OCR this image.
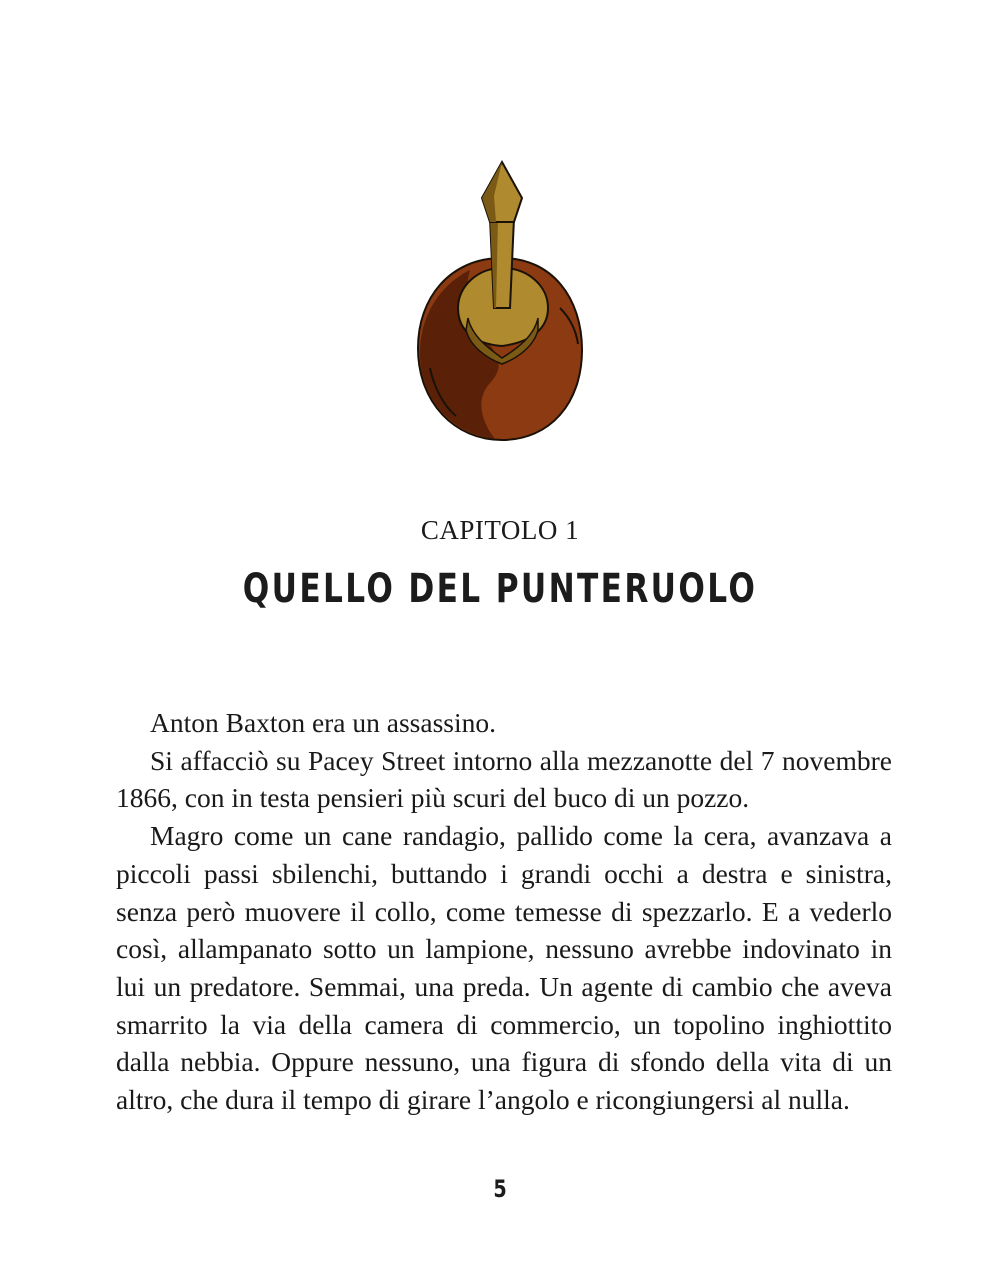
CAPITOLO 1
QUELLO DEL PUNTERUOLO

Anton Baxton era un assassino.

Si affacciò su Pacey Street intorno alla mezzanotte del 7 novembre 1866, con in testa pensieri più scuri del buco di un pozzo.

Magro come un cane randagio, pallido come la cera, avanzava a piccoli passi sbilenchi, buttando i grandi occhi a destra e sinistra, senza però muovere il collo, come temesse di spezzarlo. E a vederlo così, allampanato sotto un lampione, nessuno avrebbe indovinato in lui un predatore. Semmai, una preda. Un agente di cambio che aveva smarrito la via della camera di commercio, un topolino inghiottito dalla nebbia. Oppure nessuno, una figura di sfondo della vita di un altro, che dura il tempo di girare l’angolo e ricongiungersi al nulla.

5
